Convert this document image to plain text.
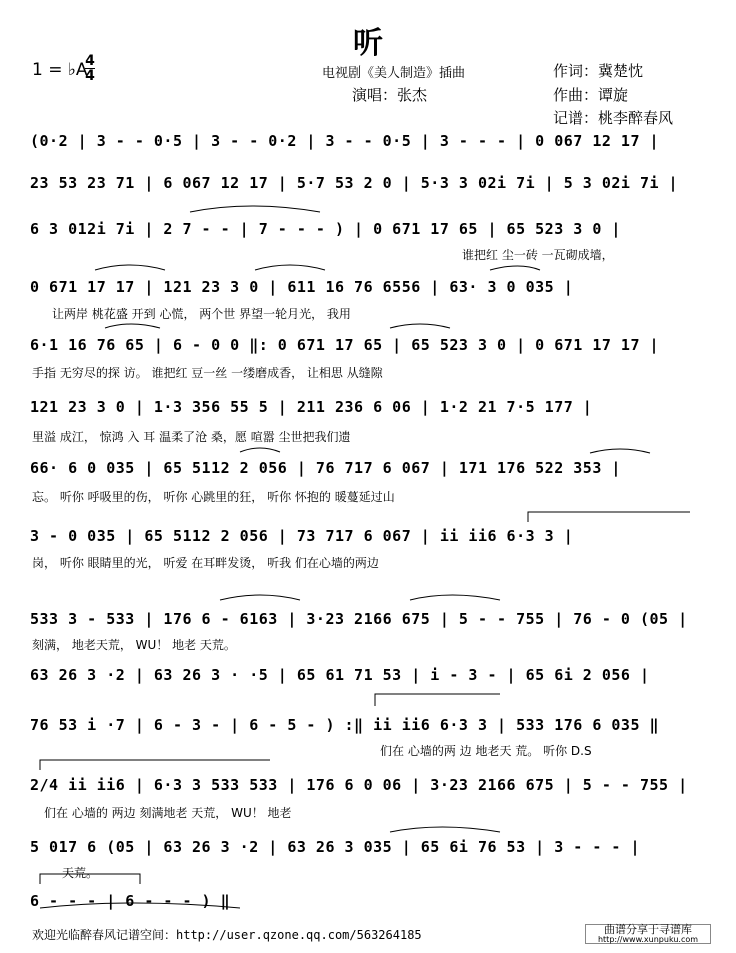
听
1 = ♭A
4
4	电视剧《美人制造》插曲
演唱：张杰
作词：冀楚忱
作曲：谭旋
记谱：桃李醉春风
(0·2 | 3 - - 0·5 | 3 - - 0·2 | 3 - - 0·5 | 3 - - - | 0 067 12 17 |
23 53 23 71 | 6 067 12 17 | 5·7 53 2 0 | 5·3 3 02i 7i | 5 3 02i 7i |
6 3 012i 7i | 2 7 - - | 7 - - - ) | 0 671 17 65 | 65 523 3 0 |
谁把红 尘一砖 一瓦砌成墙，
0 671 17 17 | 121 23 3 0 | 611 16 76 6556 | 63· 3 0 035 |
让两岸 桃花盛 开到 心慌， 两个世 界望一轮月光， 我用
6·1 16 76 65 | 6 - 0 0 ‖: 0 671 17 65 | 65 523 3 0 | 0 671 17 17 |
手指 无穷尽的探 访。 谁把红 豆一丝 一缕磨成香， 让相思 从缝隙
121 23 3 0 | 1·3 356 55 5 | 211 236 6 06 | 1·2 21 7·5 177 |
里溢 成江， 惊鸿 入 耳 温柔了沧 桑，愿 喧嚣 尘世把我们遗
66· 6 0 035 | 65 5112 2 056 | 76 717 6 067 | 171 176 522 353 |
忘。 听你 呼吸里的伤， 听你 心跳里的狂， 听你 怀抱的 暖蔓延过山
3 - 0 035 | 65 5112 2 056 | 73 717 6 067 | ii ii6 6·3 3 |
岗， 听你 眼睛里的光， 听爱 在耳畔发烫， 听我 们在心墙的两边
533 3 - 533 | 176 6 - 6163 | 3·23 2166 675 | 5 - - 755 | 76 - 0 (05 |
刻满， 地老天荒， WU！ 地老 天荒。
63 26 3 ·2 | 63 26 3 · ·5 | 65 61 71 53 | i - 3 - | 65 6i 2 056 |
76 53 i ·7 | 6 - 3 - | 6 - 5 - ) :‖ ii ii6 6·3 3 | 533 176 6 035 ‖
们在 心墙的两 边 地老天 荒。 听你 D.S
2/4 ii ii6 | 6·3 3 533 533 | 176 6 0 06 | 3·23 2166 675 | 5 - - 755 |
们在 心墙的 两边 刻满地老 天荒， WU！ 地老
5 017 6 (05 | 63 26 3 ·2 | 63 26 3 035 | 65 6i 76 53 | 3 - - - |
天荒。
6 - - - | 6 - - - ) ‖
欢迎光临醉春风记谱空间：http://user.qzone.qq.com/563264185	曲谱分享于寻谱库
http://www.xunpuku.com
